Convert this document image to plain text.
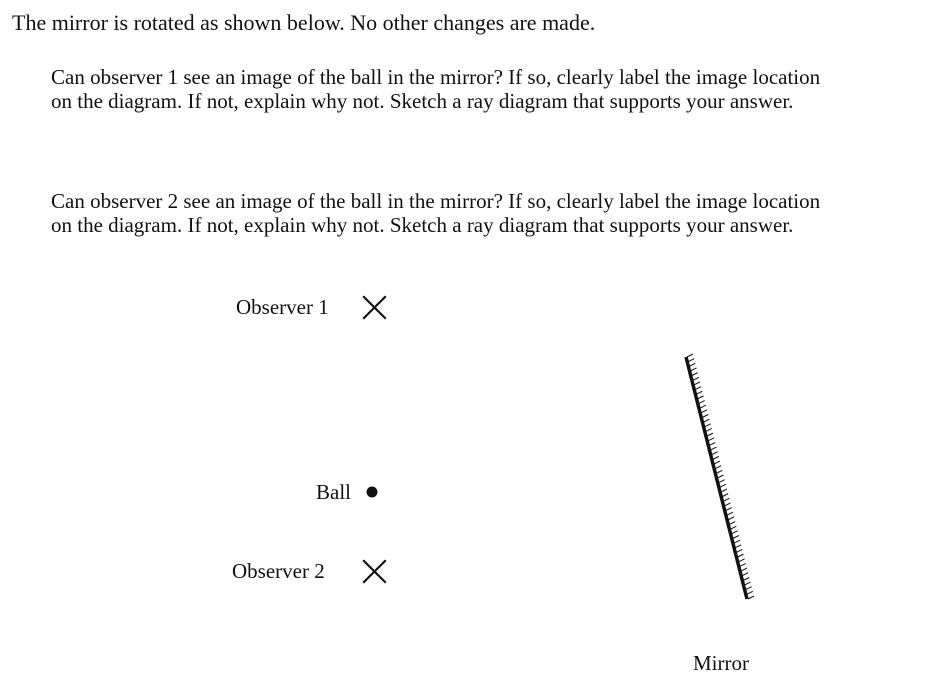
The mirror is rotated as shown below. No other changes are made.

Can observer 1 see an image of the ball in the mirror? If so, clearly label the image location
on the diagram. If not, explain why not. Sketch a ray diagram that supports your answer.

Can observer 2 see an image of the ball in the mirror? If so, clearly label the image location
on the diagram. If not, explain why not. Sketch a ray diagram that supports your answer.

Observer 1
Ball
Observer 2
Mirror
